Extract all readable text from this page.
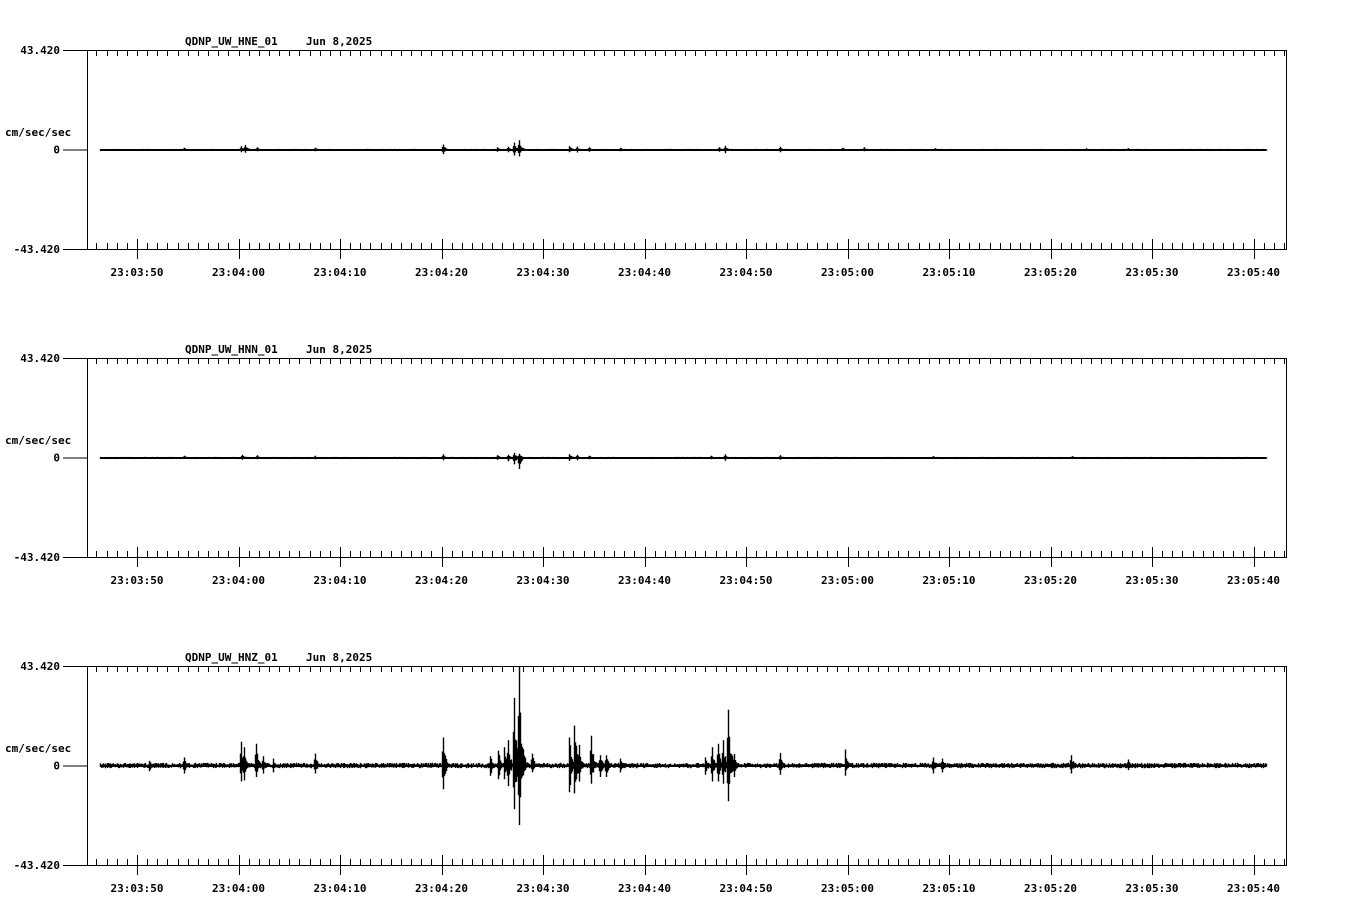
43.420
0
-43.420
cm/sec/sec
QDNP_UW_HNE_01	Jun 8,2025
23:03:50	23:04:00	23:04:10	23:04:20	23:04:30	23:04:40	23:04:50	23:05:00	23:05:10	23:05:20	23:05:30	23:05:40
43.420
0
-43.420
cm/sec/sec
QDNP_UW_HNN_01	Jun 8,2025
23:03:50	23:04:00	23:04:10	23:04:20	23:04:30	23:04:40	23:04:50	23:05:00	23:05:10	23:05:20	23:05:30	23:05:40
43.420
0
-43.420
cm/sec/sec
QDNP_UW_HNZ_01	Jun 8,2025
23:03:50	23:04:00	23:04:10	23:04:20	23:04:30	23:04:40	23:04:50	23:05:00	23:05:10	23:05:20	23:05:30	23:05:40
